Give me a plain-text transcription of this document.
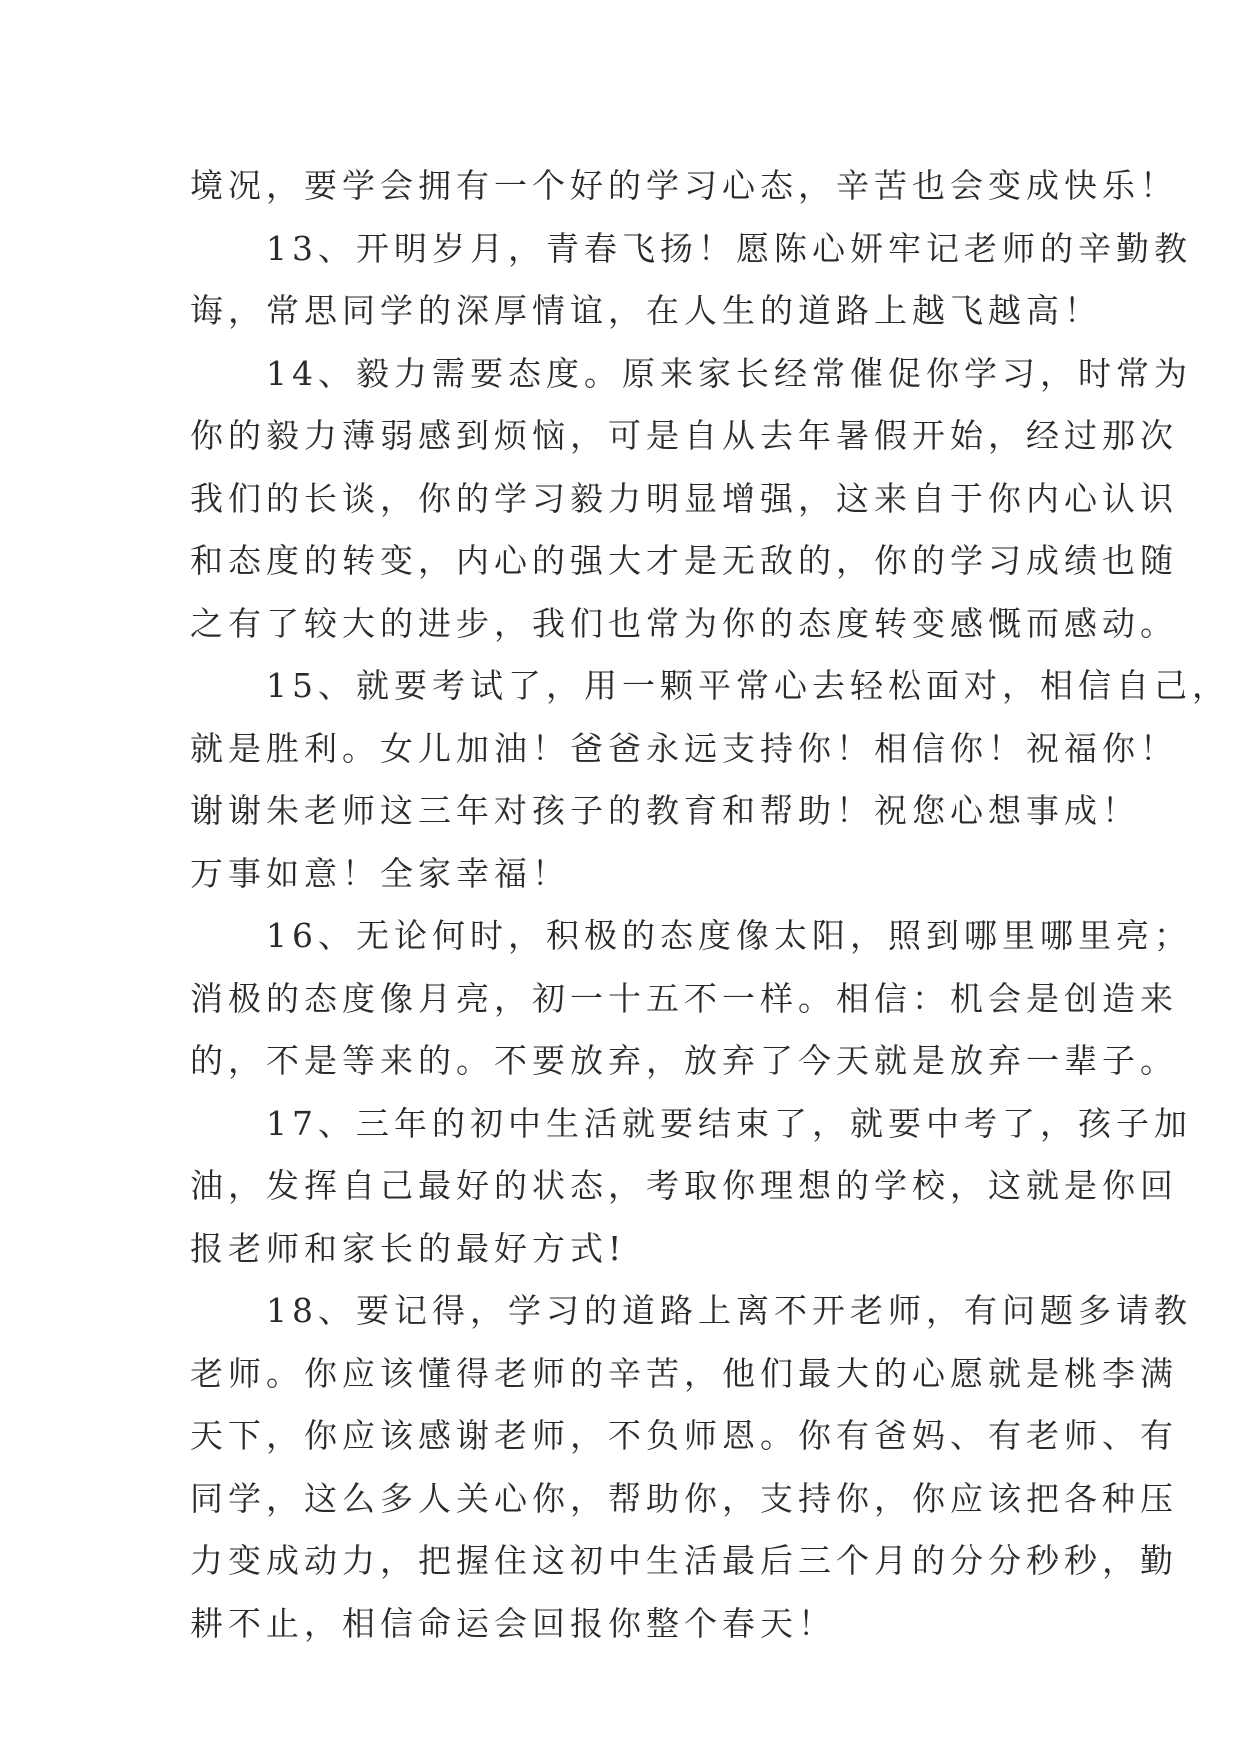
境况，要学会拥有一个好的学习心态，辛苦也会变成快乐！
13、开明岁月，青春飞扬！愿陈心妍牢记老师的辛勤教
诲，常思同学的深厚情谊，在人生的道路上越飞越高！
14、毅力需要态度。原来家长经常催促你学习，时常为
你的毅力薄弱感到烦恼，可是自从去年暑假开始，经过那次
我们的长谈，你的学习毅力明显增强，这来自于你内心认识
和态度的转变，内心的强大才是无敌的，你的学习成绩也随
之有了较大的进步，我们也常为你的态度转变感慨而感动。
15、就要考试了，用一颗平常心去轻松面对，相信自己，
就是胜利。女儿加油！爸爸永远支持你！相信你！祝福你！
谢谢朱老师这三年对孩子的教育和帮助！祝您心想事成！
万事如意！全家幸福！
16、无论何时，积极的态度像太阳，照到哪里哪里亮；
消极的态度像月亮，初一十五不一样。相信：机会是创造来
的，不是等来的。不要放弃，放弃了今天就是放弃一辈子。
17、三年的初中生活就要结束了，就要中考了，孩子加
油，发挥自己最好的状态，考取你理想的学校，这就是你回
报老师和家长的最好方式!
18、要记得，学习的道路上离不开老师，有问题多请教
老师。你应该懂得老师的辛苦，他们最大的心愿就是桃李满
天下，你应该感谢老师，不负师恩。你有爸妈、有老师、有
同学，这么多人关心你，帮助你，支持你，你应该把各种压
力变成动力，把握住这初中生活最后三个月的分分秒秒，勤
耕不止，相信命运会回报你整个春天！
